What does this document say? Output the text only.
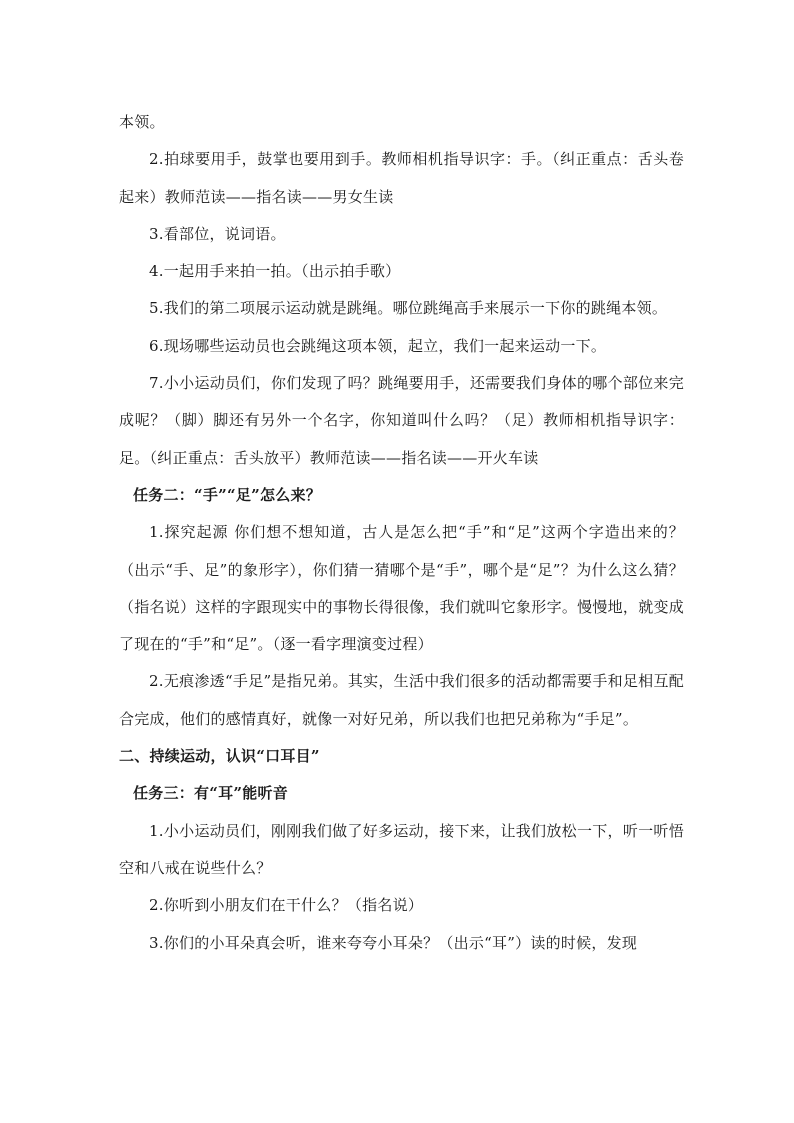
本领。

2.拍球要用手，鼓掌也要用到手。教师相机指导识字：手。（纠正重点：舌头卷起来）教师范读——指名读——男女生读

3.看部位，说词语。

4.一起用手来拍一拍。（出示拍手歌）

5.我们的第二项展示运动就是跳绳。哪位跳绳高手来展示一下你的跳绳本领。

6.现场哪些运动员也会跳绳这项本领，起立，我们一起来运动一下。

7.小小运动员们，你们发现了吗？跳绳要用手，还需要我们身体的哪个部位来完成呢？（脚）脚还有另外一个名字，你知道叫什么吗？（足）教师相机指导识字：足。（纠正重点：舌头放平）教师范读——指名读——开火车读

任务二：“手”“足”怎么来？

1.探究起源 你们想不想知道，古人是怎么把“手”和“足”这两个字造出来的？（出示“手、足”的象形字），你们猜一猜哪个是“手”，哪个是“足”？为什么这么猜？（指名说）这样的字跟现实中的事物长得很像，我们就叫它象形字。慢慢地，就变成了现在的“手”和“足”。（逐一看字理演变过程）

2.无痕渗透“手足”是指兄弟。其实，生活中我们很多的活动都需要手和足相互配合完成，他们的感情真好，就像一对好兄弟，所以我们也把兄弟称为“手足”。

二、持续运动，认识“口耳目”

任务三：有“耳”能听音

1.小小运动员们，刚刚我们做了好多运动，接下来，让我们放松一下，听一听悟空和八戒在说些什么？

2.你听到小朋友们在干什么？（指名说）

3.你们的小耳朵真会听，谁来夸夸小耳朵？（出示“耳”）读的时候，发现
